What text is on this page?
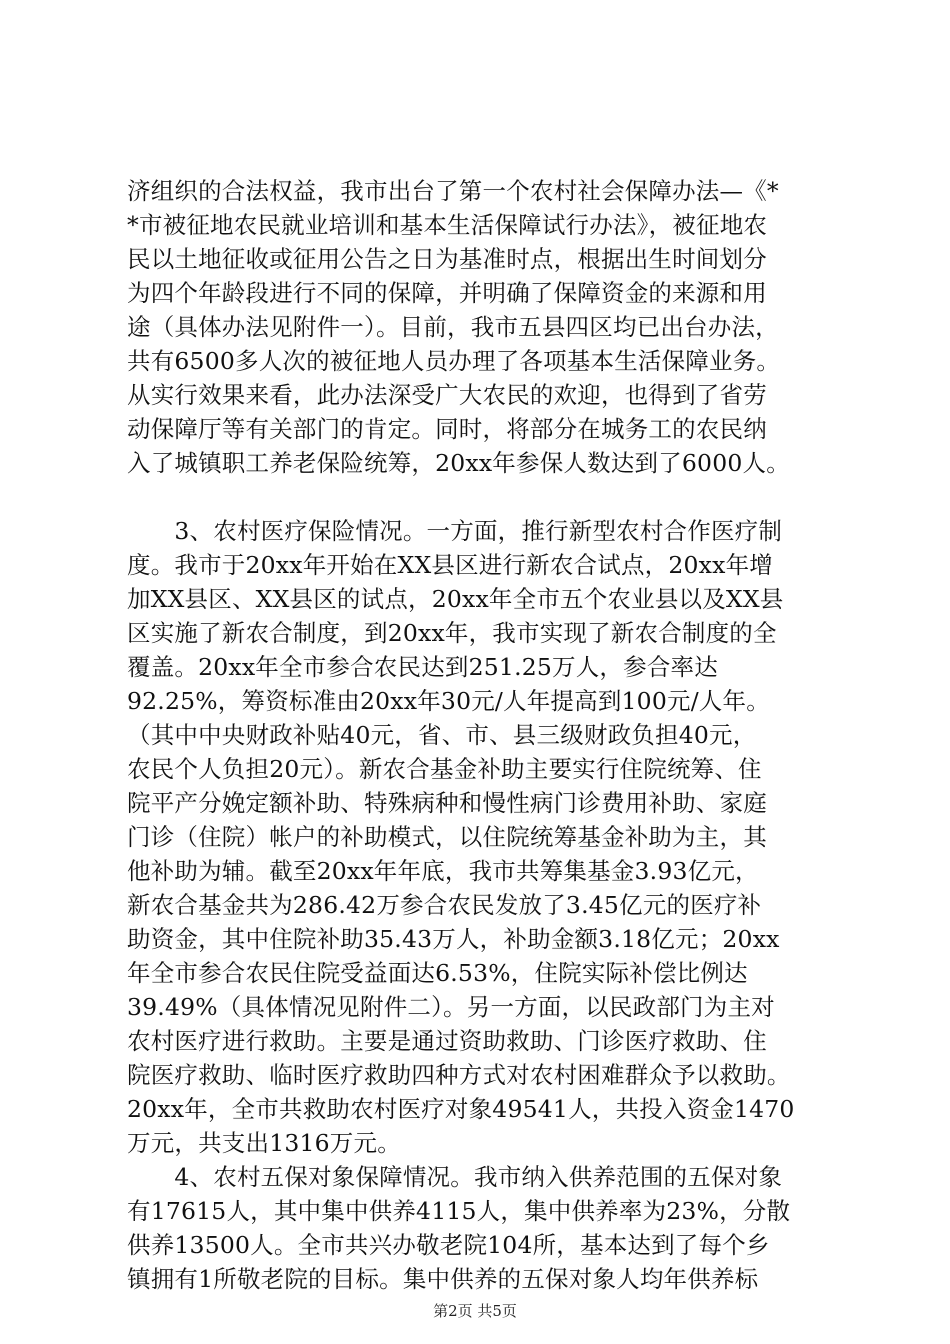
济组织的合法权益，我市出台了第一个农村社会保障办法—《*
*市被征地农民就业培训和基本生活保障试行办法》，被征地农
民以土地征收或征用公告之日为基准时点，根据出生时间划分
为四个年龄段进行不同的保障，并明确了保障资金的来源和用
途（具体办法见附件一）。目前，我市五县四区均已出台办法，
共有6500多人次的被征地人员办理了各项基本生活保障业务。
从实行效果来看，此办法深受广大农民的欢迎，也得到了省劳
动保障厅等有关部门的肯定。同时，将部分在城务工的农民纳
入了城镇职工养老保险统筹，20xx年参保人数达到了6000人。
　　3、农村医疗保险情况。一方面，推行新型农村合作医疗制
度。我市于20xx年开始在XX县区进行新农合试点，20xx年增
加XX县区、XX县区的试点，20xx年全市五个农业县以及XX县
区实施了新农合制度，到20xx年，我市实现了新农合制度的全
覆盖。20xx年全市参合农民达到251.25万人，参合率达
92.25%，筹资标准由20xx年30元/人年提高到100元/人年。
（其中中央财政补贴40元，省、市、县三级财政负担40元，
农民个人负担20元）。新农合基金补助主要实行住院统筹、住
院平产分娩定额补助、特殊病种和慢性病门诊费用补助、家庭
门诊（住院）帐户的补助模式，以住院统筹基金补助为主，其
他补助为辅。截至20xx年年底，我市共筹集基金3.93亿元，
新农合基金共为286.42万参合农民发放了3.45亿元的医疗补
助资金，其中住院补助35.43万人，补助金额3.18亿元；20xx
年全市参合农民住院受益面达6.53%，住院实际补偿比例达
39.49%（具体情况见附件二）。另一方面，以民政部门为主对
农村医疗进行救助。主要是通过资助救助、门诊医疗救助、住
院医疗救助、临时医疗救助四种方式对农村困难群众予以救助。
20xx年，全市共救助农村医疗对象49541人，共投入资金1470
万元，共支出1316万元。
　　4、农村五保对象保障情况。我市纳入供养范围的五保对象
有17615人，其中集中供养4115人，集中供养率为23%，分散
供养13500人。全市共兴办敬老院104所，基本达到了每个乡
镇拥有1所敬老院的目标。集中供养的五保对象人均年供养标
第2页 共5页
